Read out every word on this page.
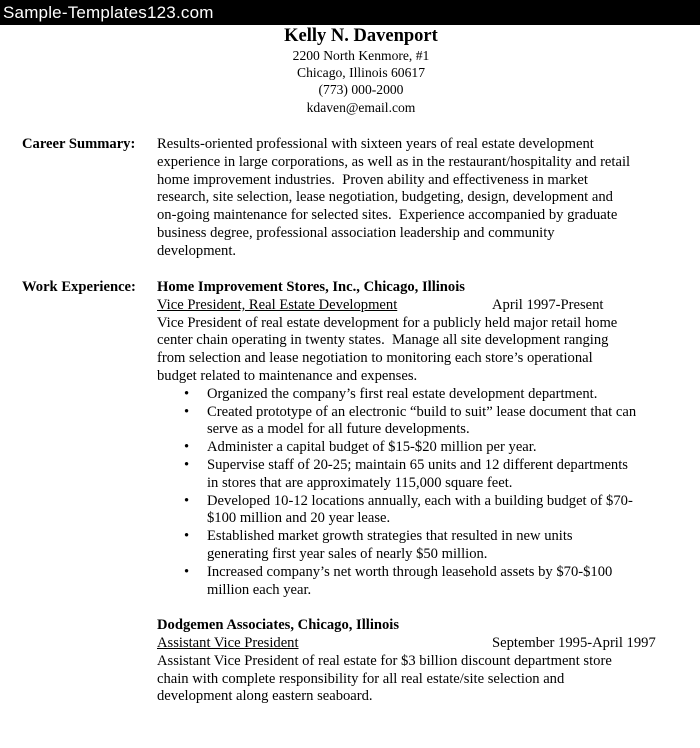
Sample-Templates123.com
Kelly N. Davenport
2200 North Kenmore, #1
Chicago, Illinois 60617
(773) 000-2000
kdaven@email.com
Career Summary: Results-oriented professional with sixteen years of real estate development
experience in large corporations, as well as in the restaurant/hospitality and retail
home improvement industries.  Proven ability and effectiveness in market
research, site selection, lease negotiation, budgeting, design, development and
on-going maintenance for selected sites.  Experience accompanied by graduate
business degree, professional association leadership and community
development.
Work Experience: Home Improvement Stores, Inc., Chicago, Illinois
Vice President, Real Estate Development	April 1997-Present
Vice President of real estate development for a publicly held major retail home
center chain operating in twenty states.  Manage all site development ranging
from selection and lease negotiation to monitoring each store’s operational
budget related to maintenance and expenses.
• Organized the company’s first real estate development department.
• Created prototype of an electronic “build to suit” lease document that can
serve as a model for all future developments.
• Administer a capital budget of $15-$20 million per year.
• Supervise staff of 20-25; maintain 65 units and 12 different departments
in stores that are approximately 115,000 square feet.
• Developed 10-12 locations annually, each with a building budget of $70-
$100 million and 20 year lease.
• Established market growth strategies that resulted in new units
generating first year sales of nearly $50 million.
• Increased company’s net worth through leasehold assets by $70-$100
million each year.
Dodgemen Associates, Chicago, Illinois
Assistant Vice President	September 1995-April 1997
Assistant Vice President of real estate for $3 billion discount department store
chain with complete responsibility for all real estate/site selection and
development along eastern seaboard.
